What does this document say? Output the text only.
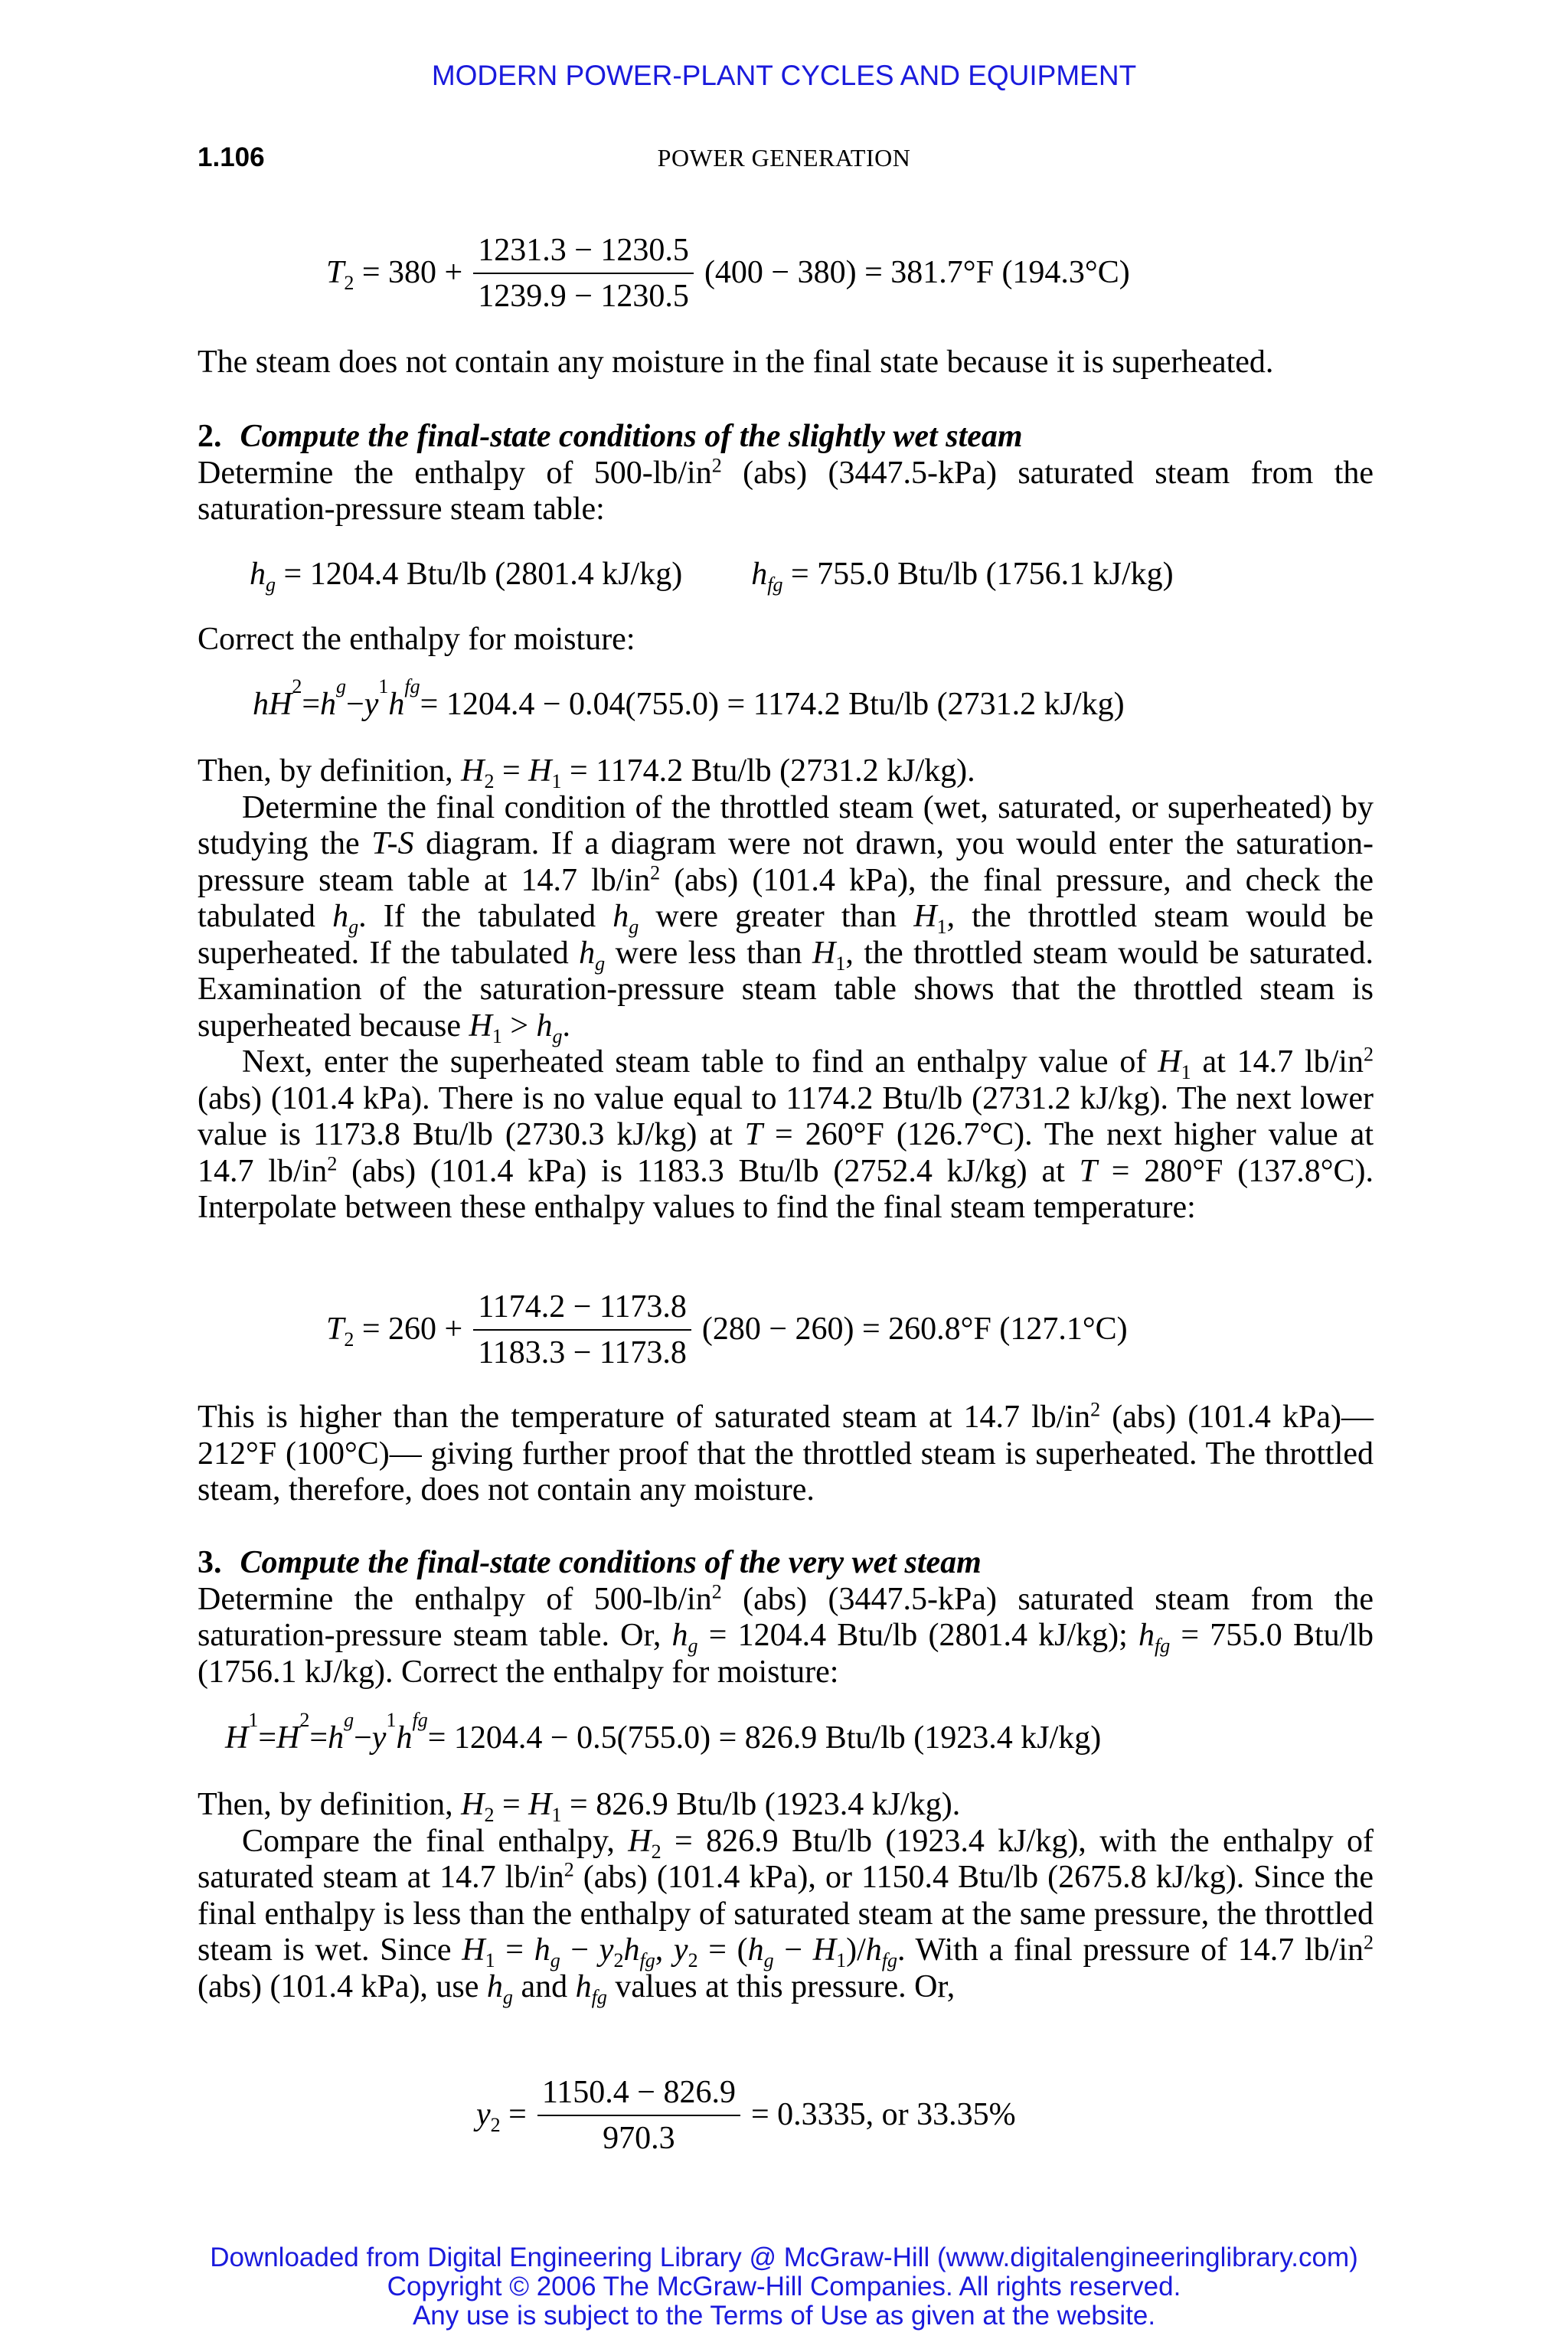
MODERN POWER-PLANT CYCLES AND EQUIPMENT
1.106	POWER GENERATION
$T_2 = 380 + \frac{1231.3 - 1230.5}{1239.9 - 1230.5} (400 - 380) = 381.7^\circ F$ (194.3°C)

The steam does not contain any moisture in the final state because it is superheated.

2. Compute the final-state conditions of the slightly wet steam

Determine the enthalpy of $500-lb/in^2$ (abs) (3447.5-kPa) saturated steam from the saturation-pressure steam table:

$h_g = 1204.4$ Btu/lb (2801.4 kJ/kg)	$h_{fg} = 755.0$ Btu/lb (1756.1 kJ/kg)

Correct the enthalpy for moisture:

h H
2
= h
g
− y
1
h
fg
= 1204.4 − 0.04(755.0) = 1174.2 Btu/lb (2731.2 kJ/kg)

Then, by definition, $H_2 = H_1 = 1174.2$ Btu/lb (2731.2 kJ/kg).

Determine the final condition of the throttled steam (wet, saturated, or superheated) by studying the T-S diagram. If a diagram were not drawn, you would enter the saturation-pressure steam table at 14.7 $lb/in^2$ (abs) (101.4 kPa), the final pressure, and check the tabulated $h_g$. If the tabulated $h_g$ were greater than $H_1$, the throttled steam would be superheated. If the tabulated $h_g$ were less than $H_1$, the throttled steam would be saturated. Examination of the saturation-pressure steam table shows that the throttled steam is superheated because $H_1 > h_g$.

Next, enter the superheated steam table to find an enthalpy value of $H_1$ at 14.7 $lb/in^2$ (abs) (101.4 kPa). There is no value equal to 1174.2 Btu/lb (2731.2 kJ/kg). The next lower value is 1173.8 Btu/lb (2730.3 kJ/kg) at T = 260°F (126.7°C). The next higher value at 14.7 $lb/in^2$ (abs) (101.4 kPa) is 1183.3 Btu/lb (2752.4 kJ/kg) at T = 280°F (137.8°C). Interpolate between these enthalpy values to find the final steam temperature:

$T_2 = 260 + \frac{1174.2 - 1173.8}{1183.3 - 1173.8} (280 - 260) = 260.8^\circ F$ (127.1°C)

This is higher than the temperature of saturated steam at 14.7 $lb/in^2$ (abs) (101.4 kPa)—212°F (100°C)— giving further proof that the throttled steam is superheated. The throttled steam, therefore, does not contain any moisture.

3. Compute the final-state conditions of the very wet steam

Determine the enthalpy of $500-lb/in^2$ (abs) (3447.5-kPa) saturated steam from the saturation-pressure steam table. Or, $h_g = 1204.4$ Btu/lb (2801.4 kJ/kg); $h_{fg} = 755.0$ Btu/lb (1756.1 kJ/kg). Correct the enthalpy for moisture:

H
1
= H
2
= h
g
− y
1
h
fg
= 1204.4 − 0.5(755.0) = 826.9 Btu/lb (1923.4 kJ/kg)

Then, by definition, $H_2 = H_1 = 826.9$ Btu/lb (1923.4 kJ/kg).

Compare the final enthalpy, $H_2 = 826.9$ Btu/lb (1923.4 kJ/kg), with the enthalpy of saturated steam at 14.7 $lb/in^2$ (abs) (101.4 kPa), or 1150.4 Btu/lb (2675.8 kJ/kg). Since the final enthalpy is less than the enthalpy of saturated steam at the same pressure, the throttled steam is wet. Since $H_1 = h_g - y_2h_{fg}$, $y_2 = (h_g - H_1)/h_{fg}$. With a final pressure of 14.7 $lb/in^2$ (abs) (101.4 kPa), use $h_g$ and $h_{fg}$ values at this pressure. Or,

$y_2 = \frac{1150.4 - 826.9}{970.3} = 0.3335$, or 33.35%
Downloaded from Digital Engineering Library @ McGraw-Hill (www.digitalengineeringlibrary.com)
Copyright © 2006 The McGraw-Hill Companies. All rights reserved.
Any use is subject to the Terms of Use as given at the website.
